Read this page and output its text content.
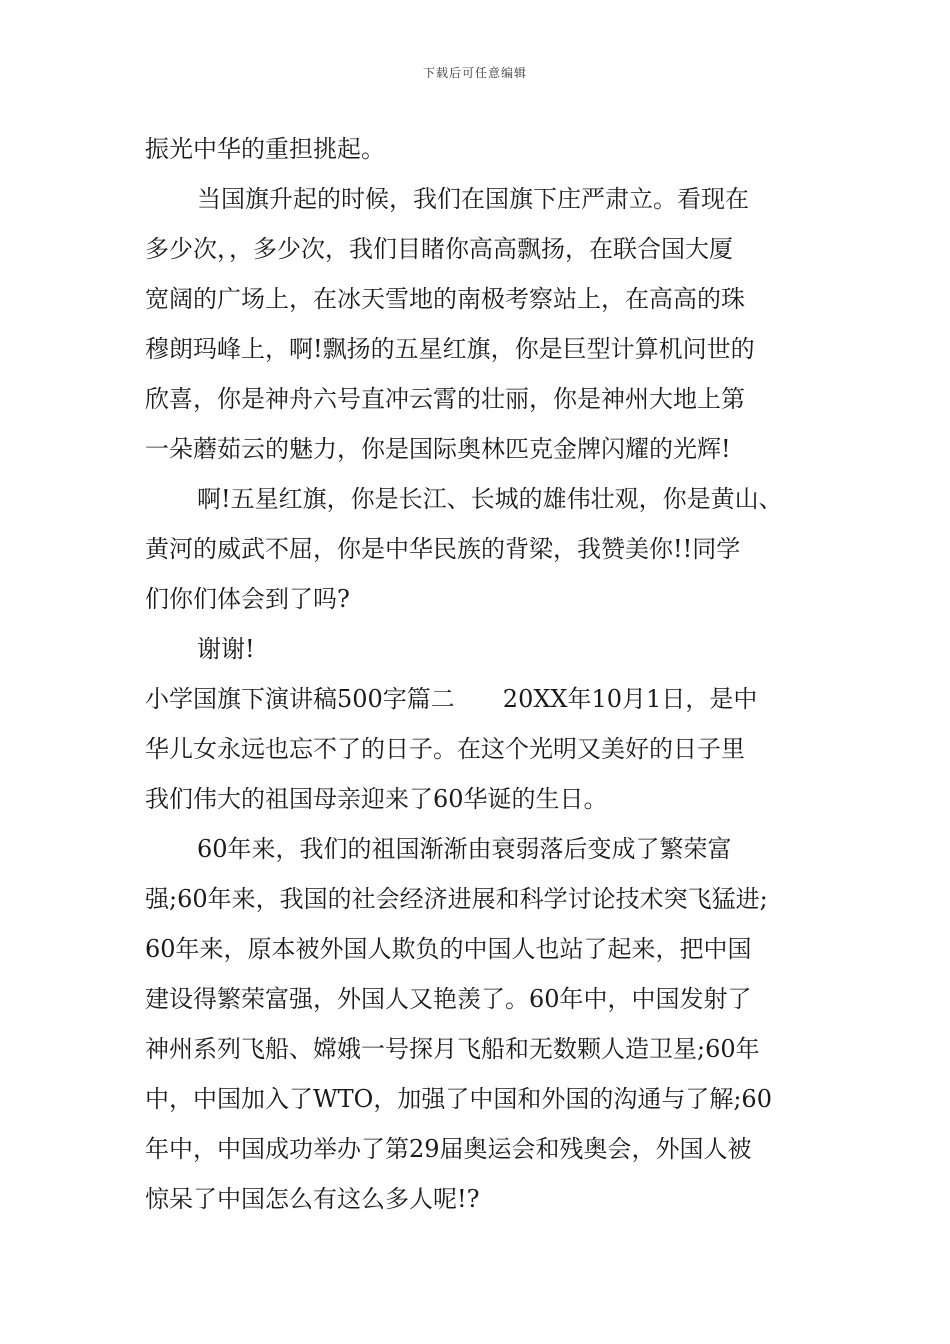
下载后可任意编辑
振光中华的重担挑起。
当国旗升起的时候，我们在国旗下庄严肃立。看现在
多少次，，多少次，我们目睹你高高飘扬，在联合国大厦
宽阔的广场上，在冰天雪地的南极考察站上，在高高的珠
穆朗玛峰上，啊!飘扬的五星红旗，你是巨型计算机问世的
欣喜，你是神舟六号直冲云霄的壮丽，你是神州大地上第
一朵蘑茹云的魅力，你是国际奥林匹克金牌闪耀的光辉!
啊!五星红旗，你是长江、长城的雄伟壮观，你是黄山、
黄河的威武不屈，你是中华民族的背梁，我赞美你!!同学
们你们体会到了吗?
谢谢!
小学国旗下演讲稿500字篇二　　20XX年10月1日，是中
华儿女永远也忘不了的日子。在这个光明又美好的日子里
我们伟大的祖国母亲迎来了60华诞的生日。
60年来，我们的祖国渐渐由衰弱落后变成了繁荣富
强;60年来，我国的社会经济进展和科学讨论技术突飞猛进;
60年来，原本被外国人欺负的中国人也站了起来，把中国
建设得繁荣富强，外国人又艳羡了。60年中，中国发射了
神州系列飞船、嫦娥一号探月飞船和无数颗人造卫星;60年
中，中国加入了WTO，加强了中国和外国的沟通与了解;60
年中，中国成功举办了第29届奥运会和残奥会，外国人被
惊呆了中国怎么有这么多人呢!?
